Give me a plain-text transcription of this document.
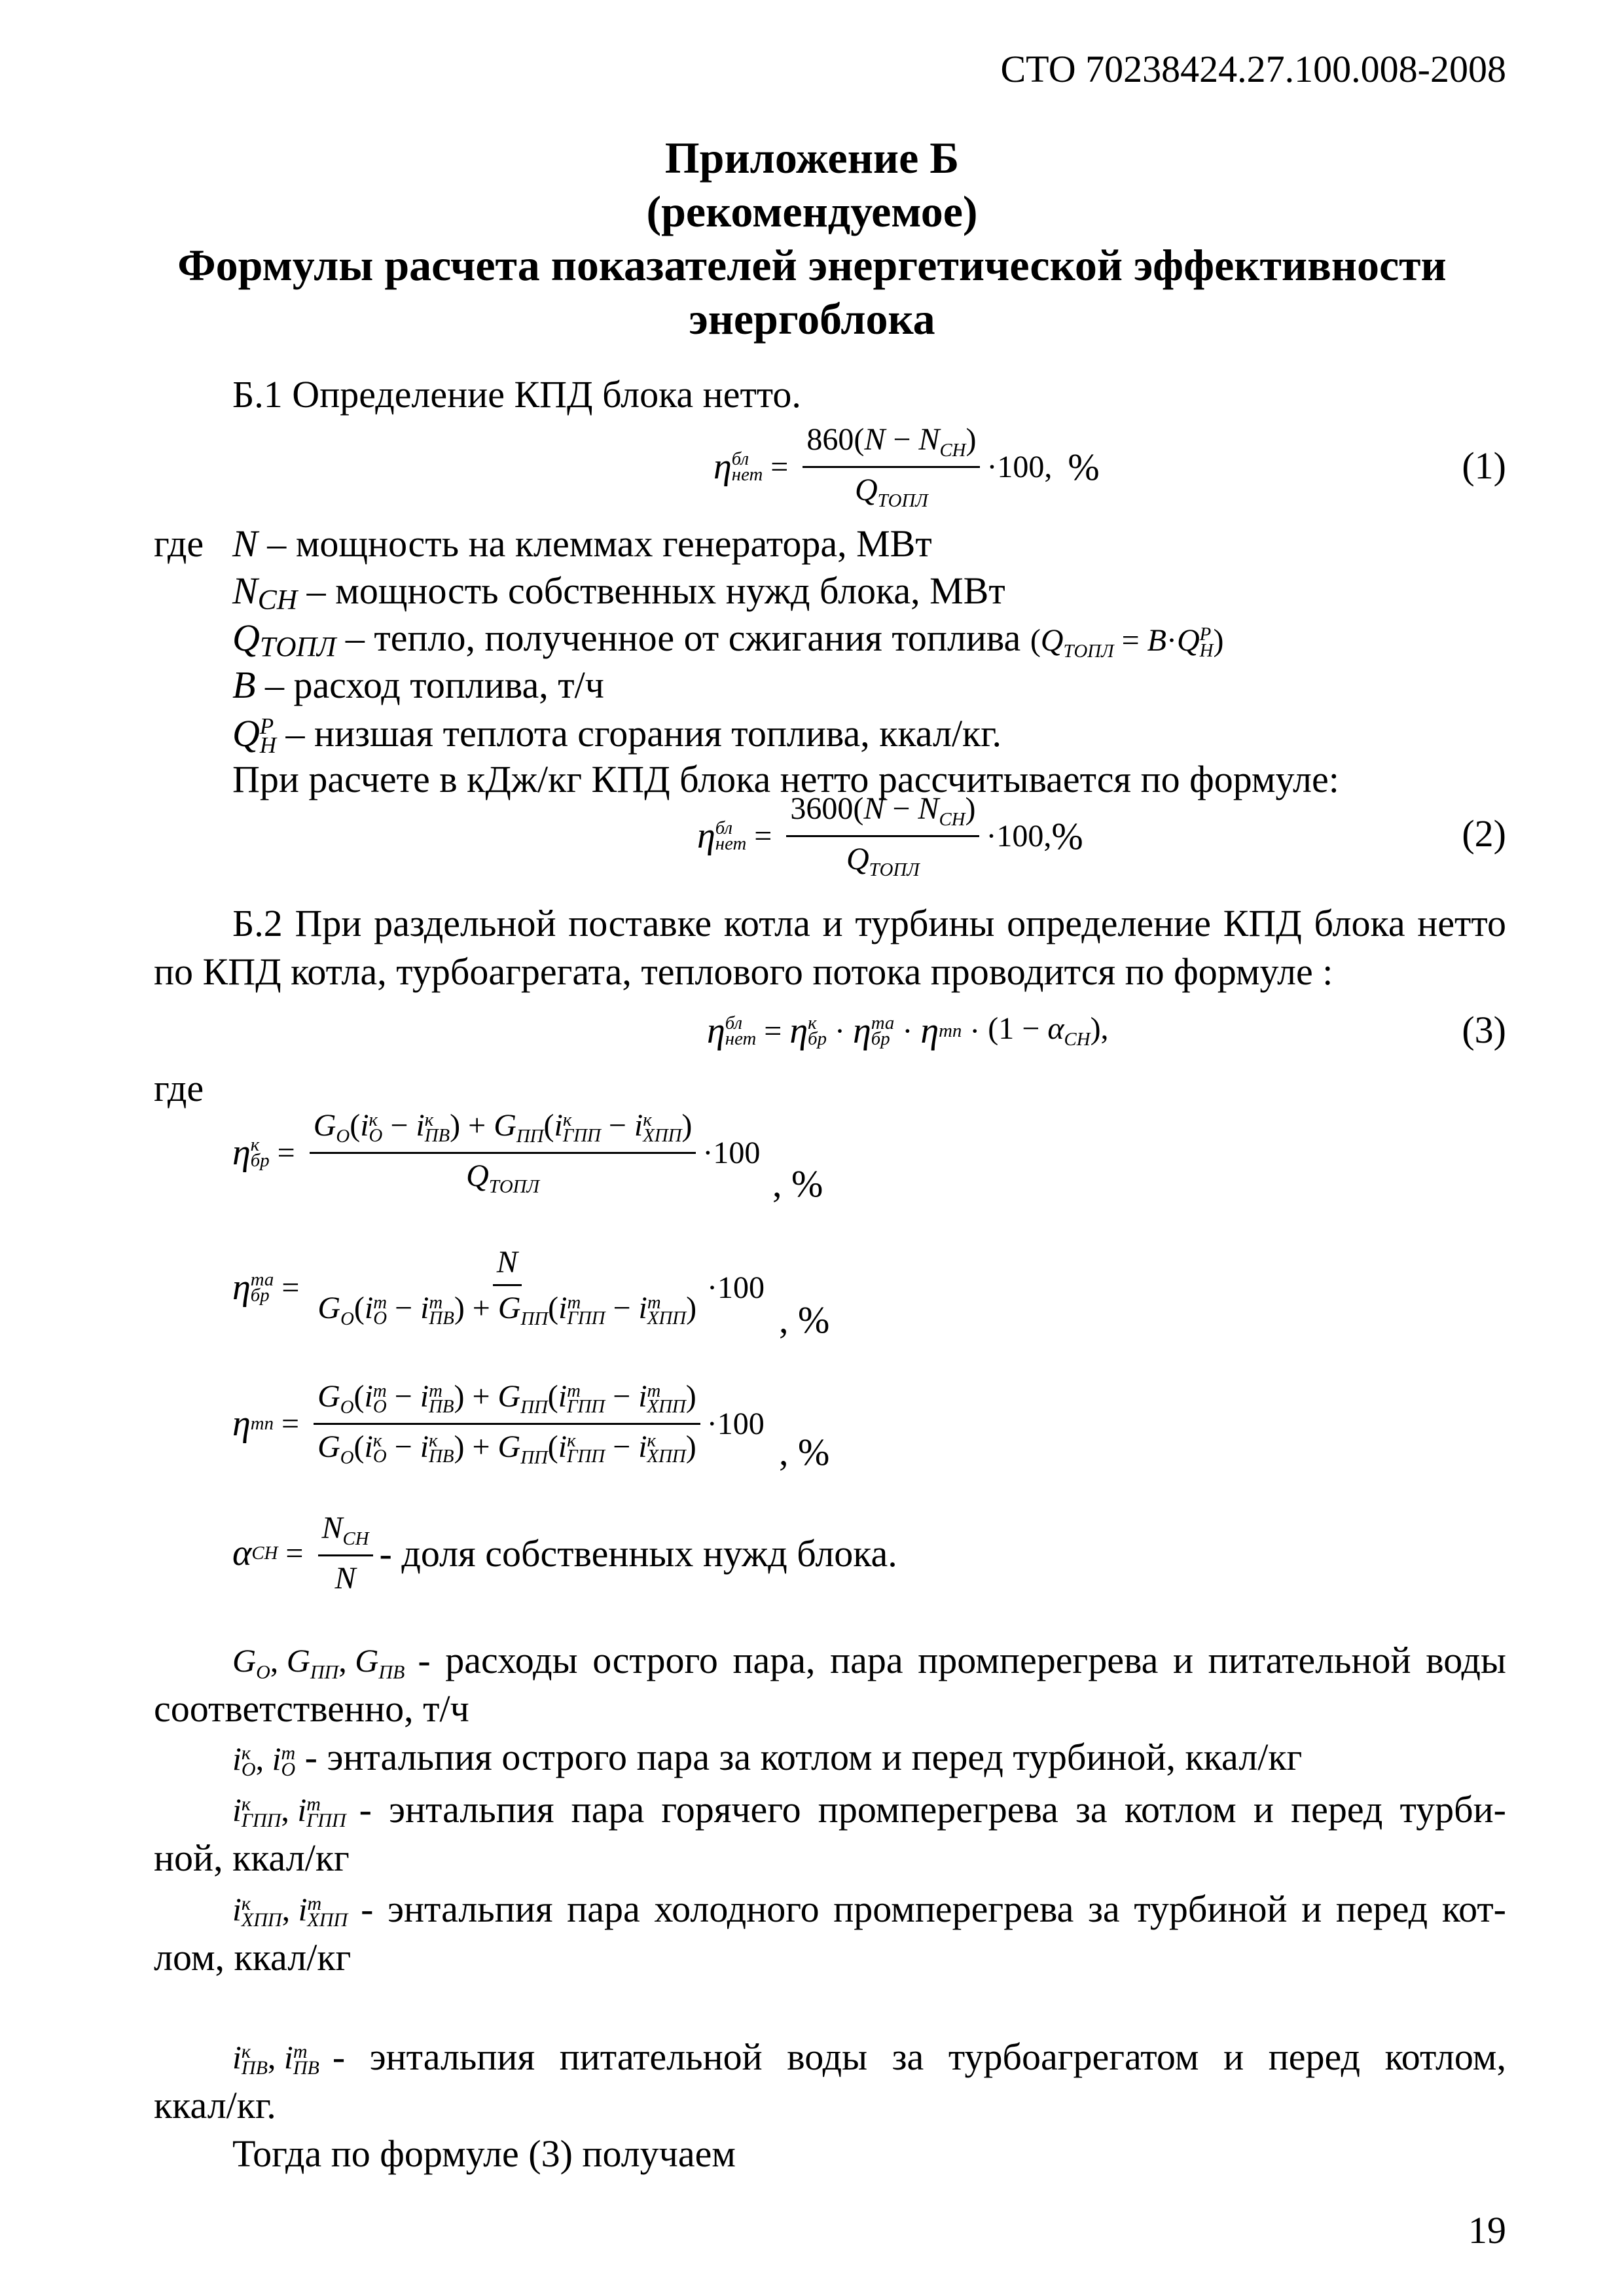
СТО 70238424.27.100.008-2008
Приложение Б
(рекомендуемое)
Формулы расчета показателей энергетической эффективности
энергоблока
Б.1 Определение КПД блока нетто.
η бл
нет = $\frac{860(N - N_{CH})}{Q_{ТОПЛ}} \cdot 100$ , %	(1)
где N – мощность на клеммах генератора, МВт
NCH – мощность собственных нужд блока, МВт
QТОПЛ – тепло, полученное от сжигания топлива ($Q_{ТОПЛ} = B\cdot Q$ P
H )
B – расход топлива, т/ч
Q P
H – низшая теплота сгорания топлива, ккал/кг.
При расчете в кДж/кг КПД блока нетто рассчитывается по формуле:
η бл
нет = $\frac{3600(N - N_{CH})}{Q_{ТОПЛ}} \cdot 100$ , %	(2)
Б.2 При раздельной поставке котла и турбины определение КПД блока нетто
по КПД котла, турбоагрегата, теплового потока проводится по формуле :
η бл
нет = η к
бр · η та
бр · η тп · $(1 - \alpha_{CH})$,	(3)
где
η к
бр = $G_O(i$ к
O − i к
ПВ ) + $G_{ПП}(i$ к
ГПП − i к
ХПП )
$Q_{ТОПЛ} \cdot 100$
, %
η та
бр = N
$G_O(i$ т
O − i т
ПВ ) + $G_{ПП}(i$ т
ГПП − i т
ХПП ) · 100
, %
η тп = $G_O(i$ т
O − i т
ПВ ) + $G_{ПП}(i$ т
ГПП − i т
ХПП )
$G_O(i$ к
O − i к
ПВ ) + $G_{ПП}(i$ к
ГПП − i к
ХПП ) · 100
, %
α CH = $\frac{N_{CH}}{N}$ - доля собственных нужд блока.
$G_O$, $G_{ПП}$, $G_{ПВ}$ - расходы острого пара, пара промперегрева и питательной воды
соответственно, т/ч
i к
O , i т
O - энтальпия острого пара за котлом и перед турбиной, ккал/кг
i к
ГПП , i т
ГПП - энтальпия пара горячего промперегрева за котлом и перед турби-
ной, ккал/кг
i к
ХПП , i т
ХПП - энтальпия пара холодного промперегрева за турбиной и перед кот-
лом, ккал/кг
i к
ПВ , i т
ПВ - энтальпия питательной воды за турбоагрегатом и перед котлом,
ккал/кг.
Тогда по формуле (3) получаем
19
